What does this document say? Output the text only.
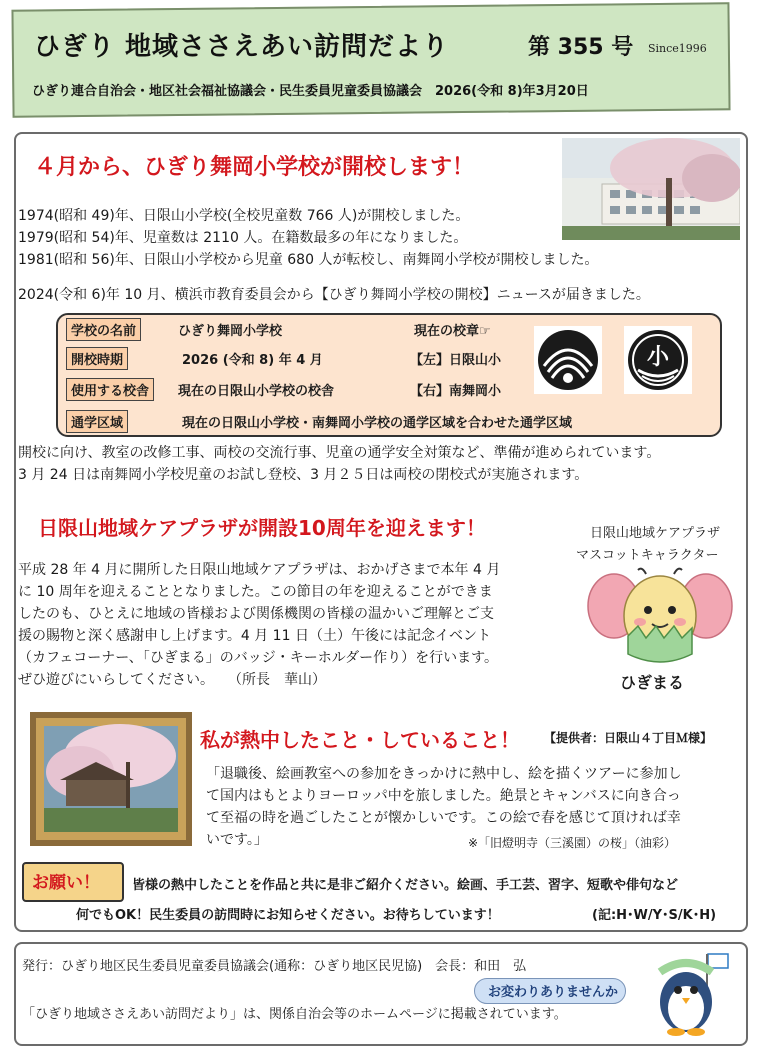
ひぎり 地域ささえあい訪問だより	第 355 号 Since1996
ひぎり連合自治会・地区社会福祉協議会・民生委員児童委員協議会　2026(令和 8)年3月20日
４月から、ひぎり舞岡小学校が開校します！
1974(昭和 49)年、日限山小学校(全校児童数 766 人)が開校しました。
1979(昭和 54)年、児童数は 2110 人。在籍数最多の年になりました。
1981(昭和 56)年、日限山小学校から児童 680 人が転校し、南舞岡小学校が開校しました。
2024(令和 6)年 10 月、横浜市教育委員会から【ひぎり舞岡小学校の開校】ニュースが届きました。
学校の名前	ひぎり舞岡小学校	現在の校章☞
開校時期	2026 (令和 8) 年 4 月	【左】日限山小
使用する校舎	現在の日限山小学校の校舎	【右】南舞岡小
通学区域	現在の日限山小学校・南舞岡小学校の通学区域を合わせた通学区域
小
開校に向け、教室の改修工事、両校の交流行事、児童の通学安全対策など、準備が進められています。
3 月 24 日は南舞岡小学校児童のお試し登校、3 月２５日は両校の閉校式が実施されます。
日限山地域ケアプラザが開設10周年を迎えます！	日限山地域ケアプラザ
マスコットキャラクター
ひぎまる
平成 28 年 4 月に開所した日限山地域ケアプラザは、おかげさまで本年 4 月
に 10 周年を迎えることとなりました。この節目の年を迎えることができま
したのも、ひとえに地域の皆様および関係機関の皆様の温かいご理解とご支
援の賜物と深く感謝申し上げます。4 月 11 日（土）午後には記念イベント
（カフェコーナー、「ひぎまる」のバッジ・キーホルダー作り）を行います。
ぜひ遊びにいらしてください。　　（所長　華山）
私が熱中したこと・していること！ 【提供者：日限山４丁目Ｍ様】
「退職後、絵画教室への参加をきっかけに熱中し、絵を描くツアーに参加し
て国内はもとよりヨーロッパ中を旅しました。絶景とキャンバスに向き合っ
て至福の時を過ごしたことが懐かしいです。この絵で春を感じて頂ければ幸
いです。」	※「旧燈明寺（三溪園）の桜」（油彩）
お願い！ 皆様の熱中したことを作品と共に是非ご紹介ください。絵画、手工芸、習字、短歌や俳句など
何でもOK！民生委員の訪問時にお知らせください。お待ちしています！	(記:H･W/Y･S/K･H)
発行：ひぎり地区民生委員児童委員協議会(通称：ひぎり地区民児協)　会長：和田　弘
お変わりありませんか
「ひぎり地域ささえあい訪問だより」は、関係自治会等のホームページに掲載されています。
